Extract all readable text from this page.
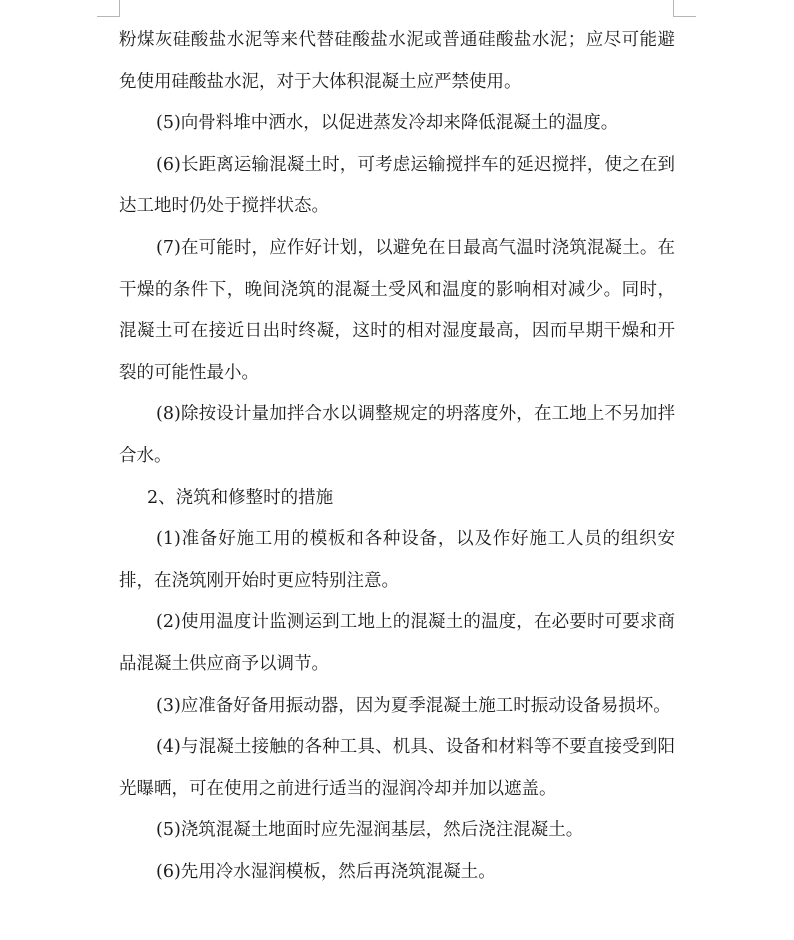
粉煤灰硅酸盐水泥等来代替硅酸盐水泥或普通硅酸盐水泥；应尽可能避免使用硅酸盐水泥，对于大体积混凝土应严禁使用。

(5)向骨料堆中洒水，以促进蒸发冷却来降低混凝土的温度。

(6)长距离运输混凝土时，可考虑运输搅拌车的延迟搅拌，使之在到达工地时仍处于搅拌状态。

(7)在可能时，应作好计划，以避免在日最高气温时浇筑混凝土。在干燥的条件下，晚间浇筑的混凝土受风和温度的影响相对减少。同时，混凝土可在接近日出时终凝，这时的相对湿度最高，因而早期干燥和开裂的可能性最小。

(8)除按设计量加拌合水以调整规定的坍落度外，在工地上不另加拌合水。

2、浇筑和修整时的措施

(1)准备好施工用的模板和各种设备，以及作好施工人员的组织安排，在浇筑刚开始时更应特别注意。

(2)使用温度计监测运到工地上的混凝土的温度，在必要时可要求商品混凝土供应商予以调节。

(3)应准备好备用振动器，因为夏季混凝土施工时振动设备易损坏。

(4)与混凝土接触的各种工具、机具、设备和材料等不要直接受到阳光曝晒，可在使用之前进行适当的湿润冷却并加以遮盖。

(5)浇筑混凝土地面时应先湿润基层，然后浇注混凝土。

(6)先用冷水湿润模板，然后再浇筑混凝土。
